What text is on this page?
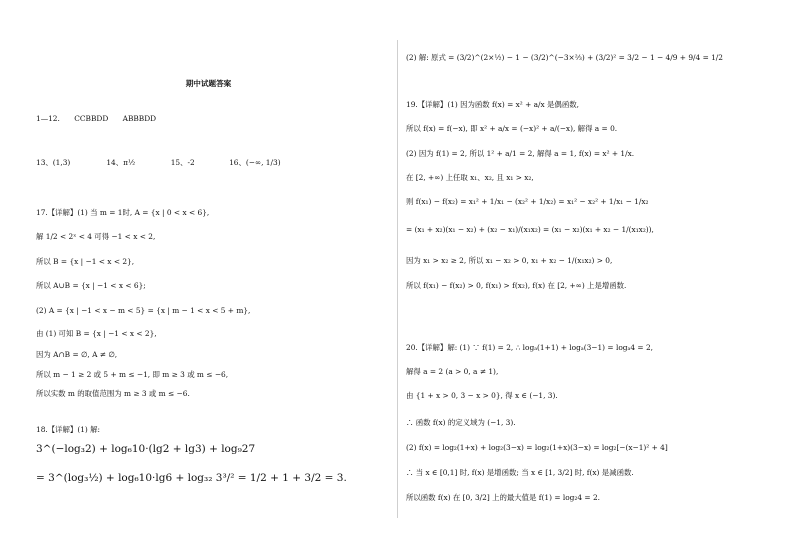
期中试题答案
1—12. CCBBDD ABBBDD
13、(1,3)	14、π½	15、-2	16、(−∞, 1/3)
17.【详解】(1) 当 m = 1时, A = {x | 0 < x < 6},
解 1/2 < 2ˣ < 4 可得 −1 < x < 2,
所以 B = {x | −1 < x < 2},
所以 A∪B = {x | −1 < x < 6};
(2) A = {x | −1 < x − m < 5} = {x | m − 1 < x < 5 + m},
由 (1) 可知 B = {x | −1 < x < 2},
因为 A∩B = ∅, A ≠ ∅,
所以 m − 1 ≥ 2 或 5 + m ≤ −1, 即 m ≥ 3 或 m ≤ −6,
所以实数 m 的取值范围为 m ≥ 3 或 m ≤ −6.
18.【详解】(1) 解:
3^(−log₃2) + log₆10·(lg2 + lg3) + log₉27
= 3^(log₃½) + log₆10·lg6 + log₃₂ 3³/² = 1/2 + 1 + 3/2 = 3.
(2) 解: 原式 = (3/2)^(2×½) − 1 − (3/2)^(−3×⅔) + (3/2)² = 3/2 − 1 − 4/9 + 9/4 = 1/2
19.【详解】(1) 因为函数 f(x) = x² + a/x 是偶函数,
所以 f(x) = f(−x), 即 x² + a/x = (−x)² + a/(−x), 解得 a = 0.
(2) 因为 f(1) = 2, 所以 1² + a/1 = 2, 解得 a = 1, f(x) = x² + 1/x.
在 [2, +∞) 上任取 x₁、x₂, 且 x₁ > x₂,
则 f(x₁) − f(x₂) = x₁² + 1/x₁ − (x₂² + 1/x₂) = x₁² − x₂² + 1/x₁ − 1/x₂
= (x₁ + x₂)(x₁ − x₂) + (x₂ − x₁)/(x₁x₂) = (x₁ − x₂)(x₁ + x₂ − 1/(x₁x₂)),
因为 x₁ > x₂ ≥ 2, 所以 x₁ − x₂ > 0, x₁ + x₂ − 1/(x₁x₂) > 0,
所以 f(x₁) − f(x₂) > 0, f(x₁) > f(x₂), f(x) 在 [2, +∞) 上是增函数.
20.【详解】解: (1) ∵ f(1) = 2, ∴ logₐ(1+1) + logₐ(3−1) = logₐ4 = 2,
解得 a = 2 (a > 0, a ≠ 1),
由 {1 + x > 0, 3 − x > 0}, 得 x ∈ (−1, 3).
∴ 函数 f(x) 的定义域为 (−1, 3).
(2) f(x) = log₂(1+x) + log₂(3−x) = log₂(1+x)(3−x) = log₂[−(x−1)² + 4]
∴ 当 x ∈ [0,1] 时, f(x) 是增函数; 当 x ∈ [1, 3/2] 时, f(x) 是减函数.
所以函数 f(x) 在 [0, 3/2] 上的最大值是 f(1) = log₂4 = 2.
